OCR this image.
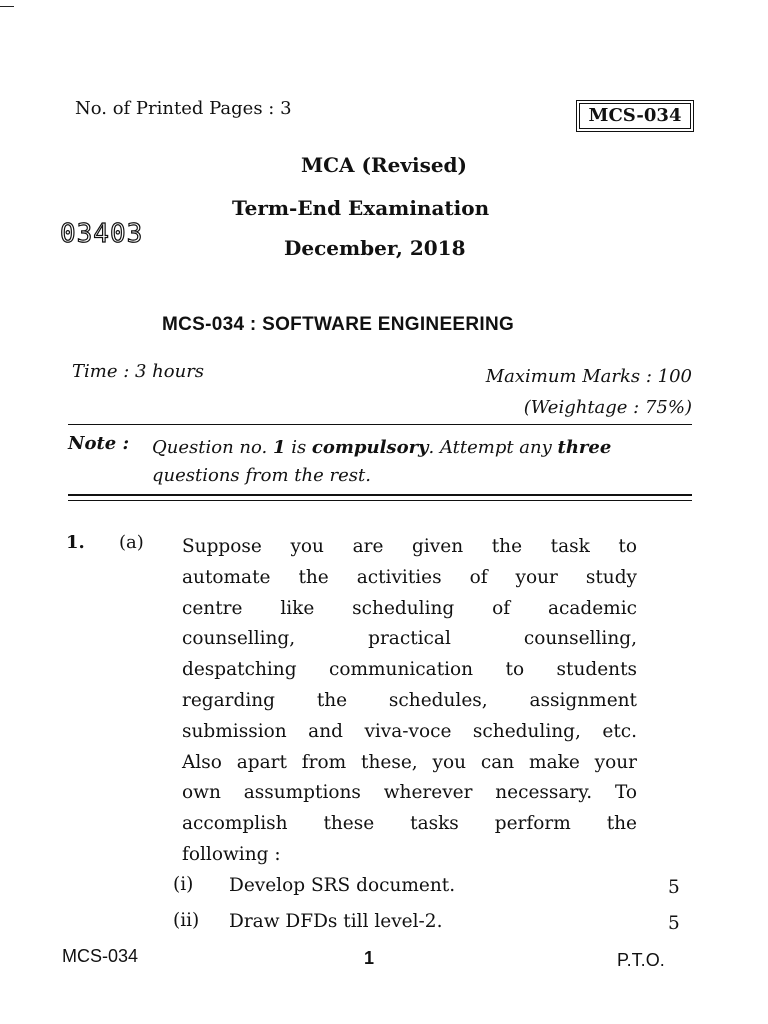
No. of Printed Pages : 3	MCS-034
MCA (Revised)
Term-End Examination
December, 2018
03403
MCS-034 : SOFTWARE ENGINEERING
Time : 3 hours	Maximum Marks : 100
(Weightage : 75%)
Note : Question no. 1 is compulsory. Attempt any three
questions from the rest.
1. (a) Suppose you are given the task to
automate the activities of your study
centre like scheduling of academic
counselling, practical counselling,
despatching communication to students
regarding the schedules, assignment
submission and viva-voce scheduling, etc.
Also apart from these, you can make your
own assumptions wherever necessary. To
accomplish these tasks perform the
following :
(i) Develop SRS document.	5
(ii) Draw DFDs till level-2.	5
MCS-034	1	P.T.O.
